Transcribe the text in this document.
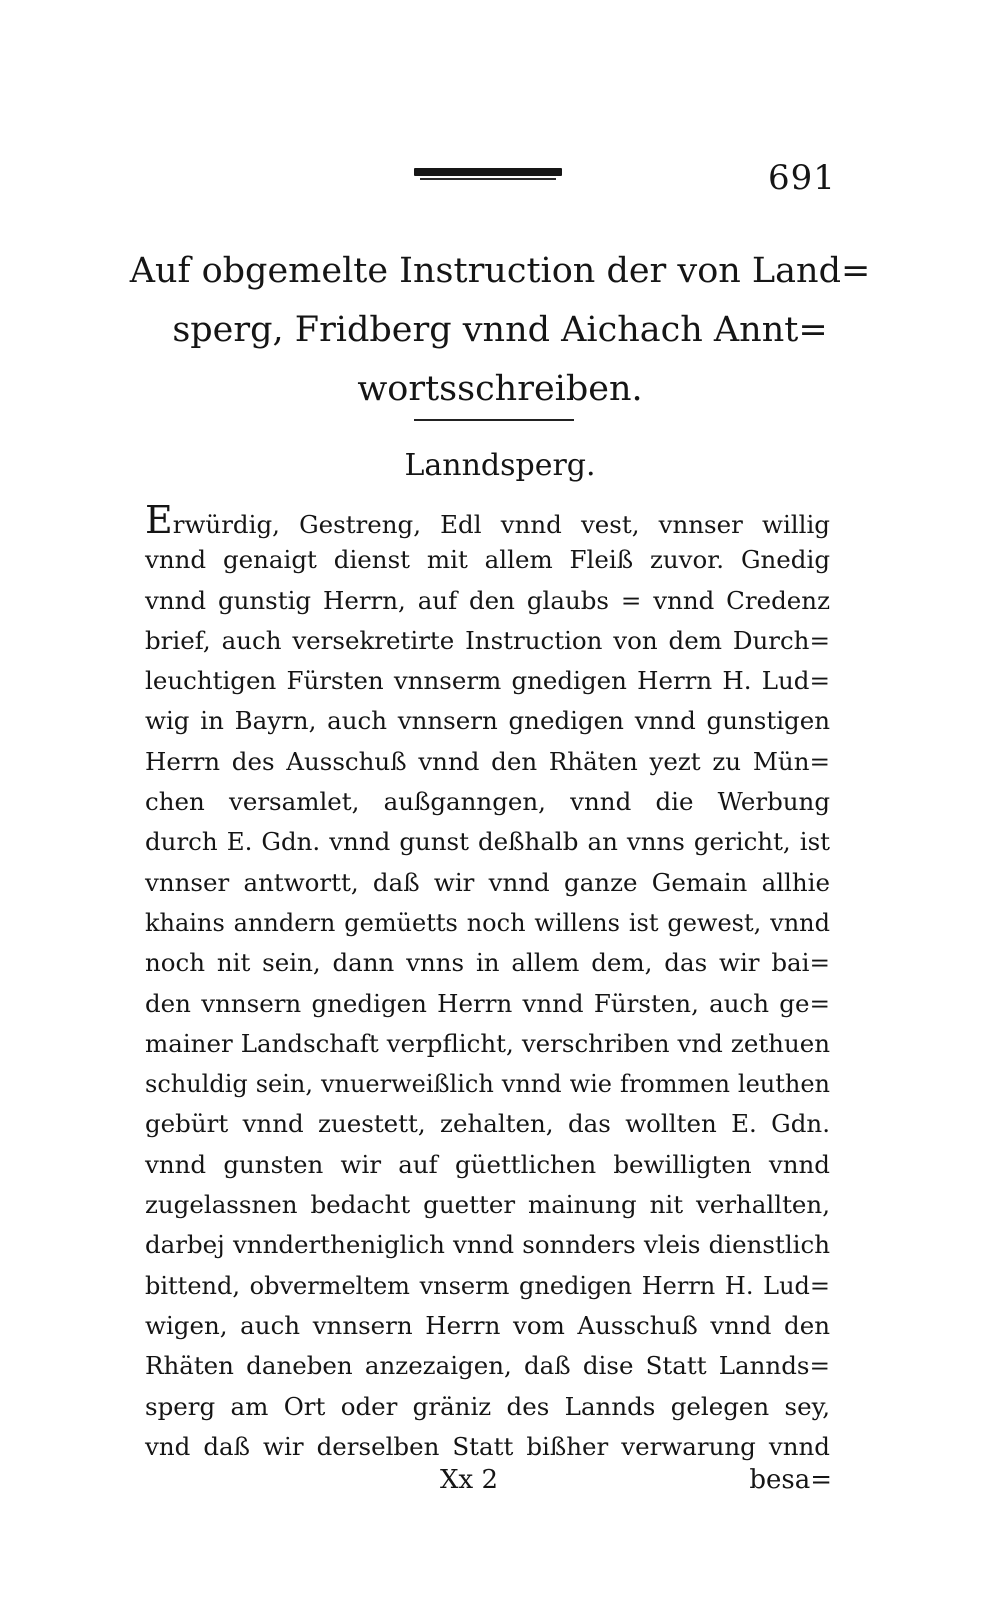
691
Auf obgemelte Instruction der von Land=
sperg, Fridberg vnnd Aichach Annt=
wortsschreiben.
Lanndsperg.
Erwürdig, Gestreng, Edl vnnd vest, vnnser willig
vnnd genaigt dienst mit allem Fleiß zuvor. Gnedig
vnnd gunstig Herrn, auf den glaubs = vnnd Credenz
brief, auch versekretirte Instruction von dem Durch=
leuchtigen Fürsten vnnserm gnedigen Herrn H. Lud=
wig in Bayrn, auch vnnsern gnedigen vnnd gunstigen
Herrn des Ausschuß vnnd den Rhäten yezt zu Mün=
chen versamlet, außganngen, vnnd die Werbung
durch E. Gdn. vnnd gunst deßhalb an vnns gericht, ist
vnnser antwortt, daß wir vnnd ganze Gemain allhie
khains anndern gemüetts noch willens ist gewest, vnnd
noch nit sein, dann vnns in allem dem, das wir bai=
den vnnsern gnedigen Herrn vnnd Fürsten, auch ge=
mainer Landschaft verpflicht, verschriben vnd zethuen
schuldig sein, vnuerweißlich vnnd wie frommen leuthen
gebürt vnnd zuestett, zehalten, das wollten E. Gdn.
vnnd gunsten wir auf güettlichen bewilligten vnnd
zugelassnen bedacht guetter mainung nit verhallten,
darbej vnndertheniglich vnnd sonnders vleis dienstlich
bittend, obvermeltem vnserm gnedigen Herrn H. Lud=
wigen, auch vnnsern Herrn vom Ausschuß vnnd den
Rhäten daneben anzezaigen, daß dise Statt Lannds=
sperg am Ort oder gränіz des Lannds gelegen sey,
vnd daß wir derselben Statt bißher verwarung vnnd
Xx 2	besa=
